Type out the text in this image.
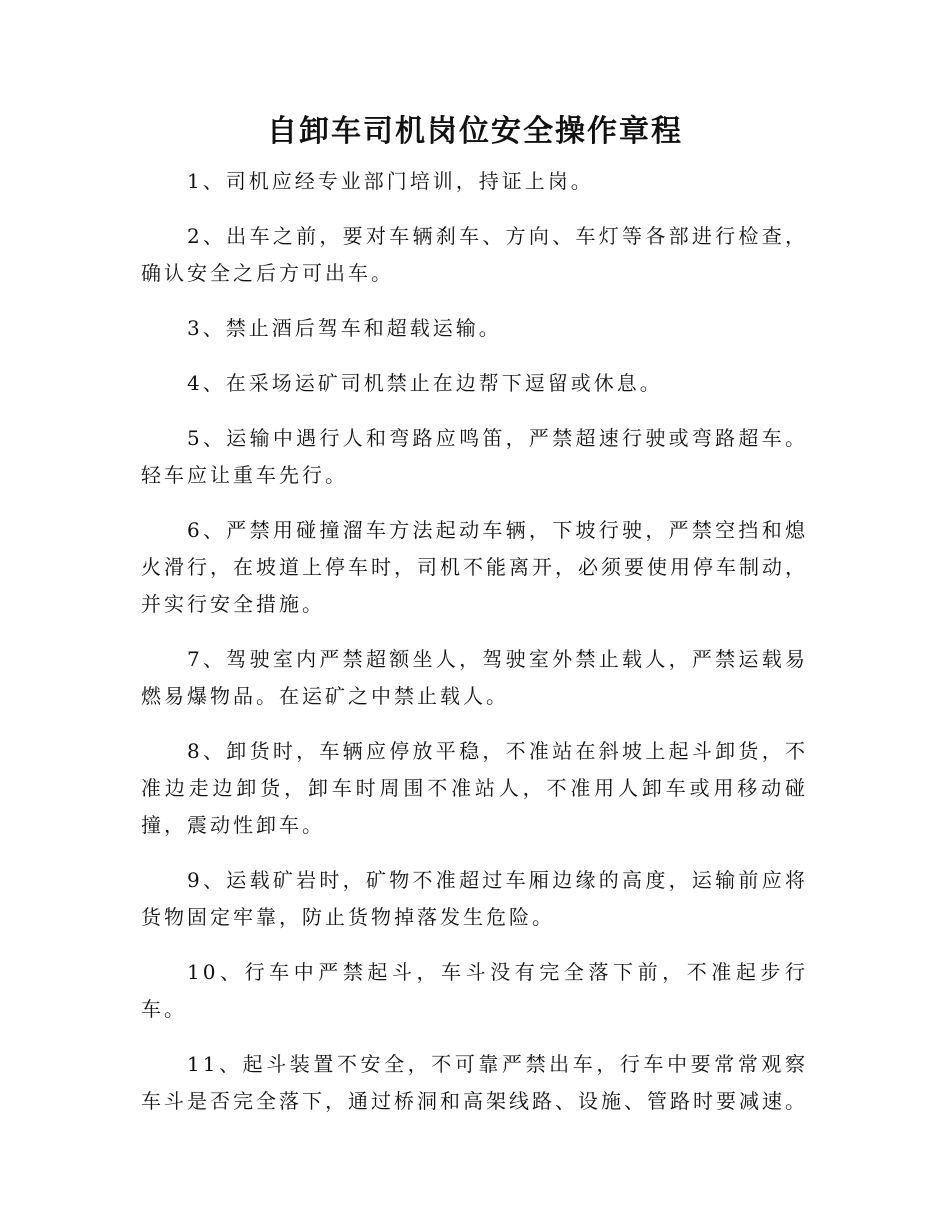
自卸车司机岗位安全操作章程

1、司机应经专业部门培训，持证上岗。

2、出车之前，要对车辆刹车、方向、车灯等各部进行检查，确认安全之后方可出车。

3、禁止酒后驾车和超载运输。

4、在采场运矿司机禁止在边帮下逗留或休息。

5、运输中遇行人和弯路应鸣笛，严禁超速行驶或弯路超车。轻车应让重车先行。

6、严禁用碰撞溜车方法起动车辆，下坡行驶，严禁空挡和熄火滑行，在坡道上停车时，司机不能离开，必须要使用停车制动，并实行安全措施。

7、驾驶室内严禁超额坐人，驾驶室外禁止载人，严禁运载易燃易爆物品。在运矿之中禁止载人。

8、卸货时，车辆应停放平稳，不准站在斜坡上起斗卸货，不准边走边卸货，卸车时周围不准站人，不准用人卸车或用移动碰撞，震动性卸车。

9、运载矿岩时，矿物不准超过车厢边缘的高度，运输前应将货物固定牢靠，防止货物掉落发生危险。

10、行车中严禁起斗，车斗没有完全落下前，不准起步行车。

11、起斗装置不安全，不可靠严禁出车，行车中要常常观察车斗是否完全落下，通过桥洞和高架线路、设施、管路时要减速。
